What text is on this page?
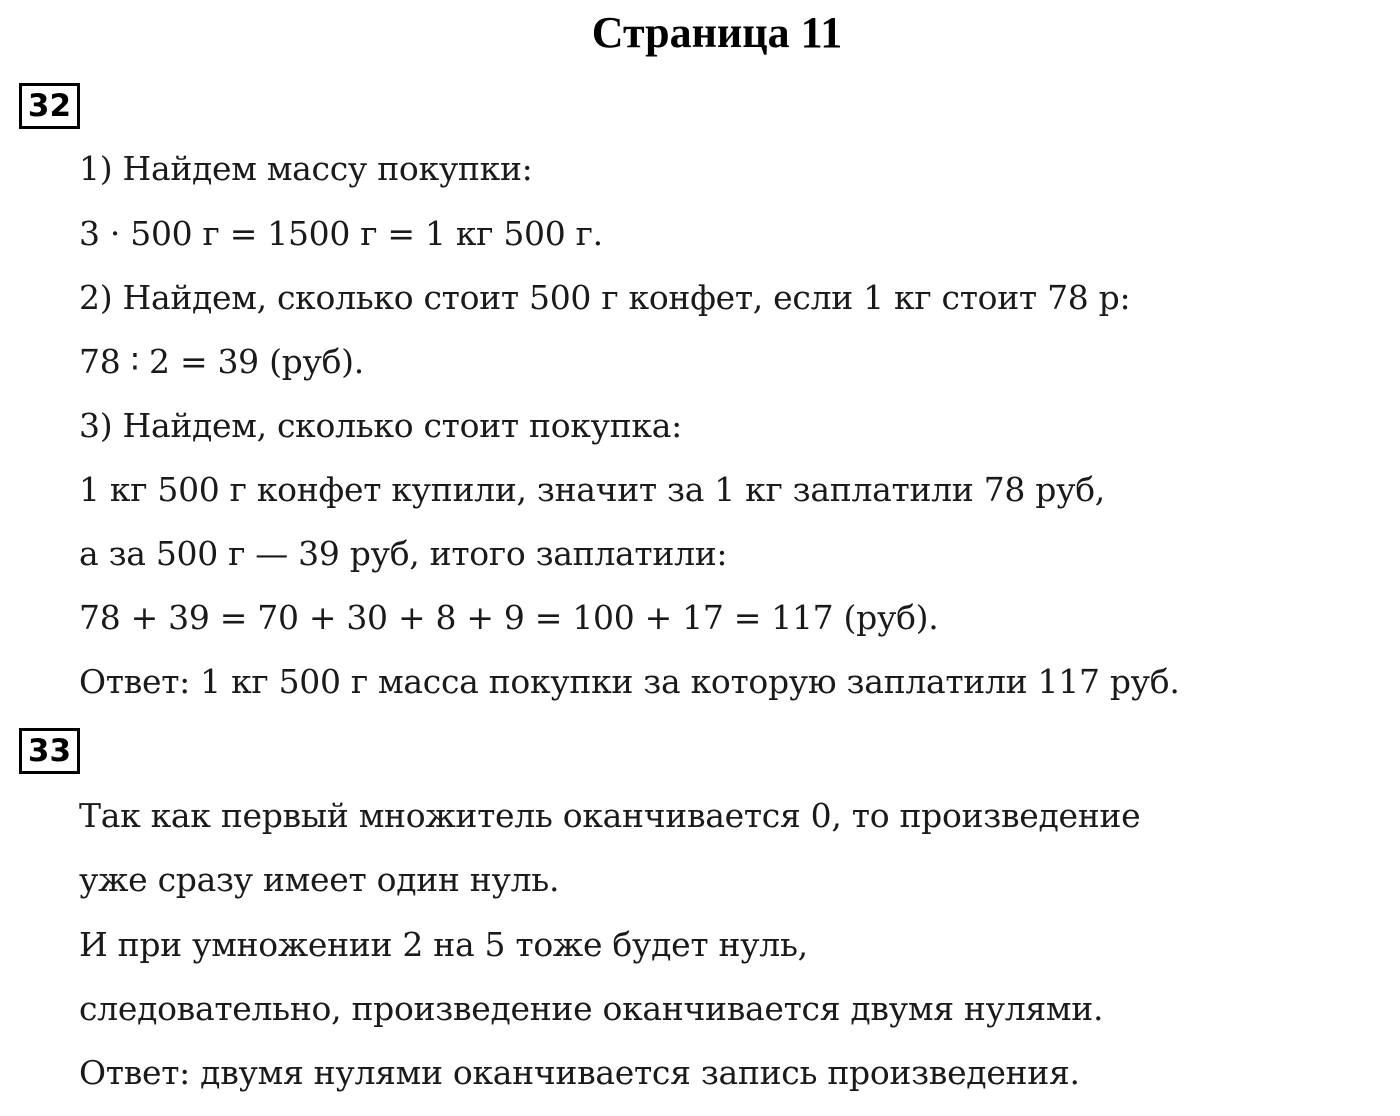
Страница 11
32
1) Найдем массу покупки:
3 · 500 г = 1500 г = 1 кг 500 г.
2) Найдем, сколько стоит 500 г конфет, если 1 кг стоит 78 р:
78 ∶ 2 = 39 (руб).
3) Найдем, сколько стоит покупка:
1 кг 500 г конфет купили, значит за 1 кг заплатили 78 руб,
а за 500 г — 39 руб, итого заплатили:
78 + 39 = 70 + 30 + 8 + 9 = 100 + 17 = 117 (руб).
Ответ: 1 кг 500 г масса покупки за которую заплатили 117 руб.
33
Так как первый множитель оканчивается 0, то произведение
уже сразу имеет один нуль.
И при умножении 2 на 5 тоже будет нуль,
следовательно, произведение оканчивается двумя нулями.
Ответ: двумя нулями оканчивается запись произведения.
